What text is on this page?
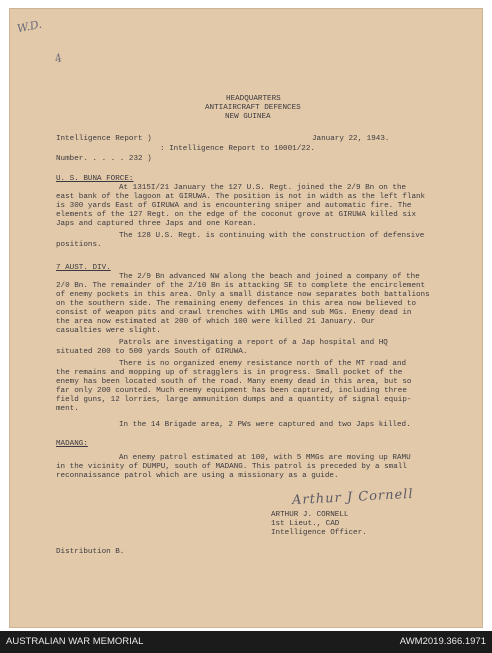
W.D.
4
HEADQUARTERS
ANTIAIRCRAFT DEFENCES
NEW GUINEA
Intelligence Report )	January 22, 1943.
: Intelligence Report to 10001/22.
Number. . . . . 232 )
U. S. BUNA FORCE:
At 1315I/21 January the 127 U.S. Regt. joined the 2/9 Bn on the
east bank of the lagoon at GIRUWA. The position is not in width as the left flank
is 300 yards East of GIRUWA and is encountering sniper and automatic fire. The
elements of the 127 Regt. on the edge of the coconut grove at GIRUWA killed six
Japs and captured three Japs and one Korean.
The 128 U.S. Regt. is continuing with the construction of defensive
positions.
7 AUST. DIV.
The 2/9 Bn advanced NW along the beach and joined a company of the
2/0 Bn. The remainder of the 2/10 Bn is attacking SE to complete the encirclement
of enemy pockets in this area. Only a small distance now separates both battalions
on the southern side. The remaining enemy defences in this area now believed to
consist of weapon pits and crawl trenches with LMGs and sub MGs. Enemy dead in
the area now estimated at 200 of which 100 were killed 21 January. Our
casualties were slight.
Patrols are investigating a report of a Jap hospital and HQ
situated 200 to 500 yards South of GIRUWA.
There is no organized enemy resistance north of the MT road and
the remains and mopping up of stragglers is in progress. Small pocket of the
enemy has been located south of the road. Many enemy dead in this area, but so
far only 200 counted. Much enemy equipment has been captured, including three
field guns, 12 lorries, large ammunition dumps and a quantity of signal equip-
ment.
In the 14 Brigade area, 2 PWs were captured and two Japs killed.
MADANG:
An enemy patrol estimated at 100, with 5 MMGs are moving up RAMU
in the vicinity of DUMPU, south of MADANG. This patrol is preceded by a small
reconnaissance patrol which are using a missionary as a guide.
Arthur J Cornell
ARTHUR J. CORNELL
1st Lieut., CAD
Intelligence Officer.
Distribution B.
AUSTRALIAN WAR MEMORIAL	AWM2019.366.1971
